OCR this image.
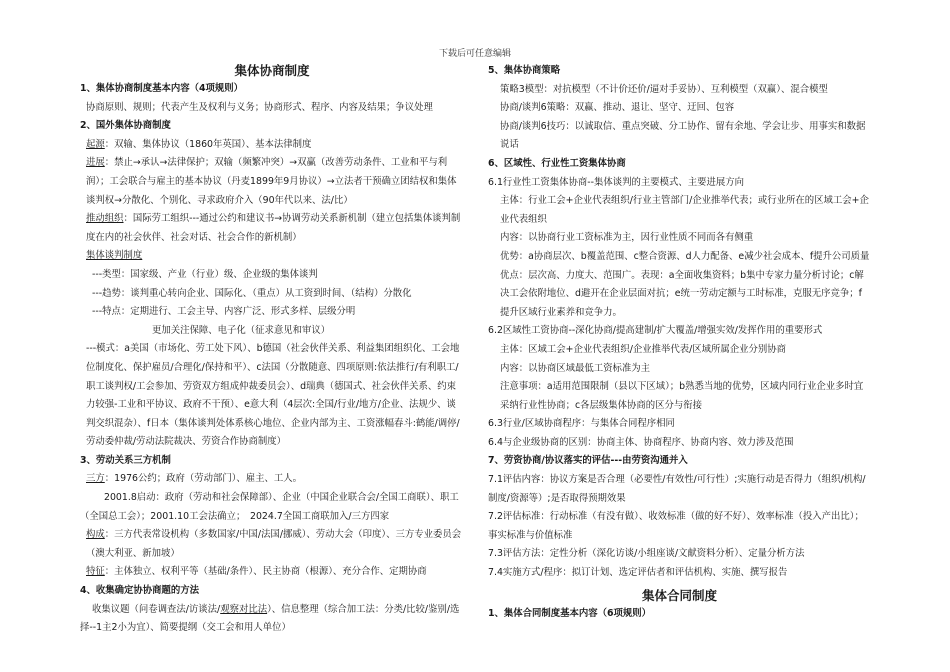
下载后可任意编辑

集体协商制度

1、集体协商制度基本内容（4项规则）

协商原则、规则；代表产生及权利与义务；协商形式、程序、内容及结果；争议处理

2、国外集体协商制度

起源：双输、集体协议（1860年英国）、基本法律制度

进展：禁止→承认→法律保护；双输（频繁冲突）→双赢（改善劳动条件、工业和平与利润）；工会联合与雇主的基本协议（丹麦1899年9月协议）→立法者干预确立团结权和集体谈判权→分散化、个别化、寻求政府介入（90年代以来、法/比）

推动组织：国际劳工组织---通过公约和建议书→协调劳动关系新机制（建立包括集体谈判制度在内的社会伙伴、社会对话、社会合作的新机制）

集体谈判制度

---类型：国家级、产业（行业）级、企业级的集体谈判

---趋势：谈判重心转向企业、国际化、（重点）从工资到时间、（结构）分散化

---特点：定期进行、工会主导、内容广泛、形式多样、层级分明

更加关注保障、电子化（征求意见和审议）

---模式：a美国（市场化、劳工处下风）、b德国（社会伙伴关系、利益集团组织化、工会地位制度化、保护雇员/合理化/保持和平）、c法国（分散随意、四项原则:依法推行/有利职工/职工谈判权/工会参加、劳资双方组成仲裁委员会）、d瑞典（德国式、社会伙伴关系、约束力较强-工业和平协议、政府不干预）、e意大利（4层次:全国/行业/地方/企业、法规少、谈判交织混杂）、f日本（集体谈判处体系核心地位、企业内部为主、工资涨幅春斗:鹤能/调停/劳动委仲裁/劳动法院裁决、劳资合作协商制度）

3、劳动关系三方机制

三方：1976公约；政府（劳动部门）、雇主、工人。

2001.8启动：政府（劳动和社会保障部）、企业（中国企业联合会/全国工商联）、职工（全国总工会）；2001.10工会法确立；　2024.7全国工商联加入/三方四家

构成：三方代表常设机构（多数国家/中国/法国/挪威）、劳动大会（印度）、三方专业委员会（澳大利亚、新加坡）

特征：主体独立、权利平等（基础/条件）、民主协商（根源）、充分合作、定期协商

4、收集确定协协商题的方法

收集议题（问卷调查法/访谈法/观察对比法）、信息整理（综合加工法：分类/比较/鉴别/选择--1主2小为宜）、简要提纲（交工会和用人单位）

5、集体协商策略

策略3模型：对抗模型（不计价还价/逼对手妥协）、互利模型（双赢）、混合模型

协商/谈判6策略：双赢、推动、退让、坚守、迂回、包容

协商/谈判6技巧：以诚取信、重点突破、分工协作、留有余地、学会让步、用事实和数据说话

6、区域性、行业性工资集体协商

6.1行业性工资集体协商--集体谈判的主要模式、主要进展方向

主体：行业工会+企业代表组织/行业主管部门/企业推举代表；或行业所在的区域工会+企业代表组织

内容：以协商行业工资标准为主，因行业性质不同而各有侧重

优势：a协商层次、b覆盖范围、c整合资源、d人力配备、e减少社会成本、f提升公司质量

优点：层次高、力度大、范围广。表现：a全面收集资料；b集中专家力量分析讨论；c解决工会依附地位、d避开在企业层面对抗；e统一劳动定额与工时标准，克服无序竞争；f提升区域行业素养和竞争力。

6.2区域性工资协商--深化协商/提高建制/扩大覆盖/增强实效/发挥作用的重要形式

主体：区域工会+企业代表组织/企业推举代表/区域所属企业分别协商

内容：以协商区域最低工资标准为主

注意事项：a适用范围限制（县以下区域）；b熟悉当地的优势，区域内同行业企业多时宜采纳行业性协商；c各层级集体协商的区分与衔接

6.3行业/区域协商程序：与集体合同程序相同

6.4与企业级协商的区别：协商主体、协商程序、协商内容、效力涉及范围

7、劳资协商/协议落实的评估---由劳资沟通并入

7.1评估内容：协议方案是否合理（必要性/有效性/可行性）;实施行动是否得力（组织/机构/制度/资源等）;是否取得预期效果

7.2评估标准：行动标准（有没有做）、收效标准（做的好不好）、效率标准（投入产出比）；事实标准与价值标准

7.3评估方法：定性分析（深化访谈/小组座谈/文献资料分析）、定量分析方法

7.4实施方式/程序：拟订计划、选定评估者和评估机构、实施、撰写报告

集体合同制度

1、集体合同制度基本内容（6项规则）
